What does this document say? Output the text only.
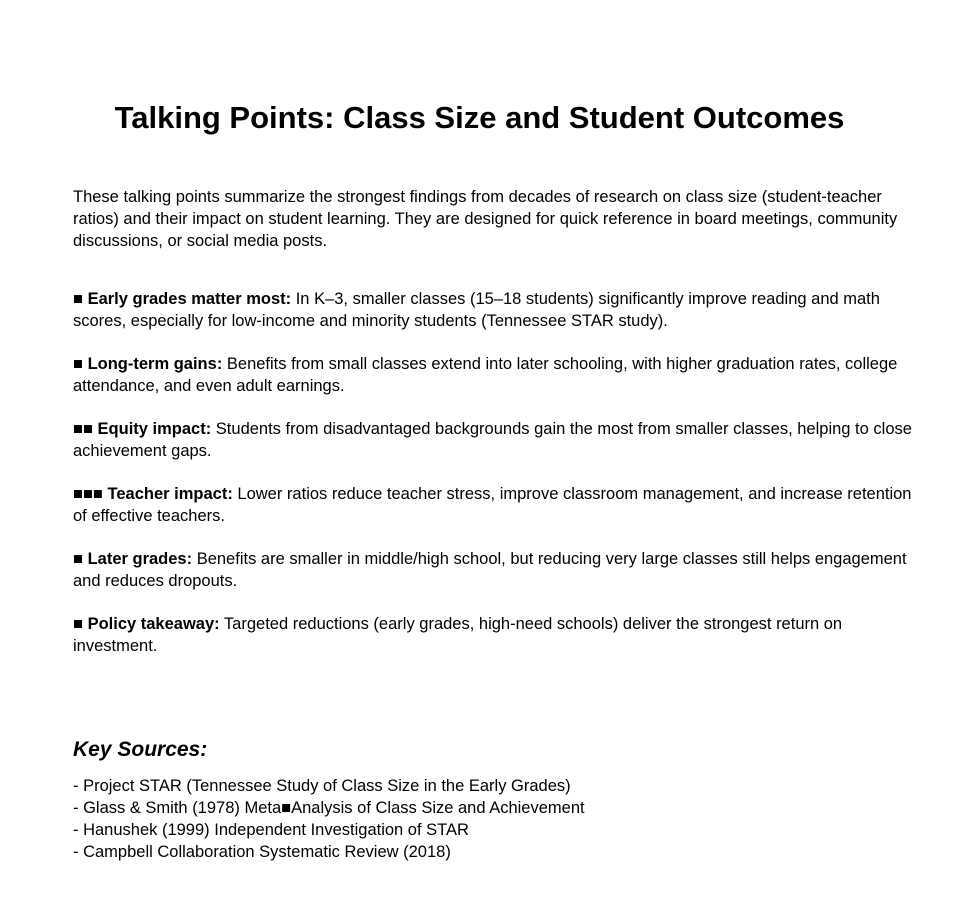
Talking Points: Class Size and Student Outcomes

These talking points summarize the strongest findings from decades of research on class size (student-teacher ratios) and their impact on student learning. They are designed for quick reference in board meetings, community discussions, or social media posts.

■ Early grades matter most: In K–3, smaller classes (15–18 students) significantly improve reading and math scores, especially for low-income and minority students (Tennessee STAR study).

■ Long-term gains: Benefits from small classes extend into later schooling, with higher graduation rates, college attendance, and even adult earnings.

■■ Equity impact: Students from disadvantaged backgrounds gain the most from smaller classes, helping to close achievement gaps.

■■■ Teacher impact: Lower ratios reduce teacher stress, improve classroom management, and increase retention of effective teachers.

■ Later grades: Benefits are smaller in middle/high school, but reducing very large classes still helps engagement and reduces dropouts.

■ Policy takeaway: Targeted reductions (early grades, high-need schools) deliver the strongest return on investment.

Key Sources:
- Project STAR (Tennessee Study of Class Size in the Early Grades)
- Glass & Smith (1978) Meta■Analysis of Class Size and Achievement
- Hanushek (1999) Independent Investigation of STAR
- Campbell Collaboration Systematic Review (2018)
